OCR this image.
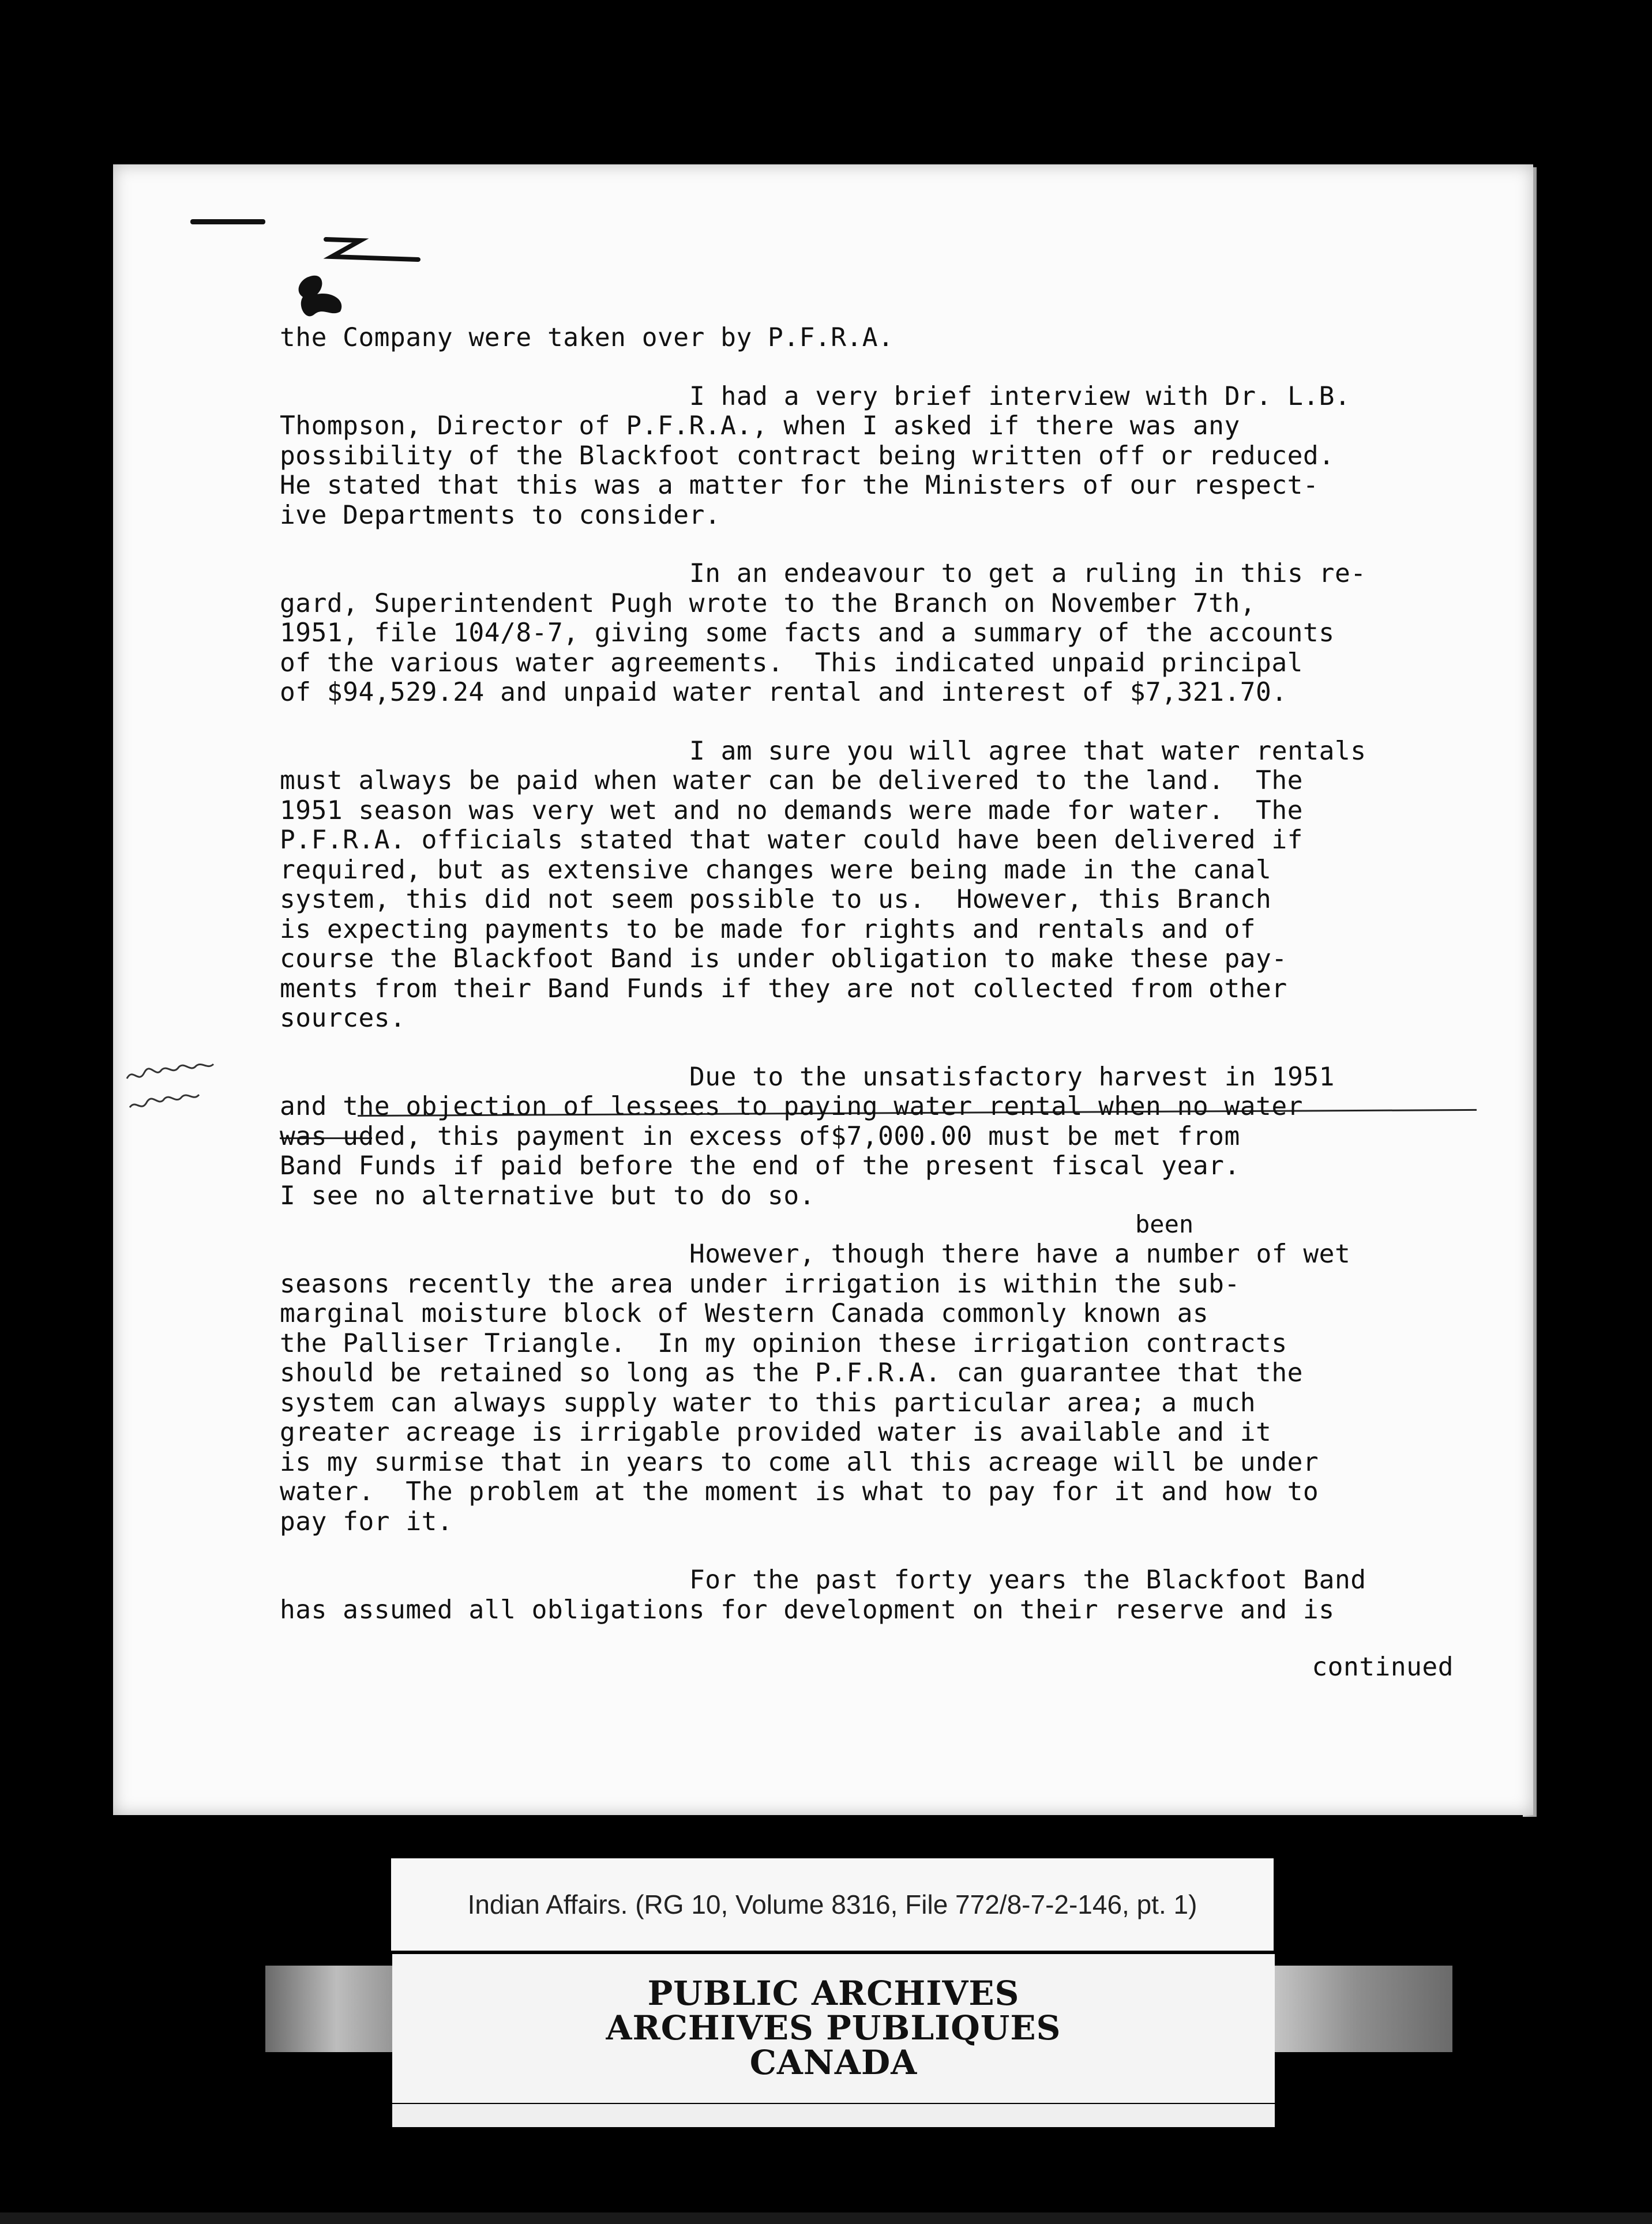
the Company were taken over by P.F.R.A.
I had a very brief interview with Dr. L.B.
Thompson, Director of P.F.R.A., when I asked if there was any
possibility of the Blackfoot contract being written off or reduced.
He stated that this was a matter for the Ministers of our respect-
ive Departments to consider.
In an endeavour to get a ruling in this re-
gard, Superintendent Pugh wrote to the Branch on November 7th,
1951, file 104/8-7, giving some facts and a summary of the accounts
of the various water agreements.  This indicated unpaid principal
of $94,529.24 and unpaid water rental and interest of $7,321.70.
I am sure you will agree that water rentals
must always be paid when water can be delivered to the land.  The
1951 season was very wet and no demands were made for water.  The
P.F.R.A. officials stated that water could have been delivered if
required, but as extensive changes were being made in the canal
system, this did not seem possible to us.  However, this Branch
is expecting payments to be made for rights and rentals and of
course the Blackfoot Band is under obligation to make these pay-
ments from their Band Funds if they are not collected from other
sources.
Due to the unsatisfactory harvest in 1951
and the objection of lessees to paying water rental when no water
was uded, this payment in excess of$7,000.00 must be met from
Band Funds if paid before the end of the present fiscal year.
I see no alternative but to do so.
However, though there have a number of wet
seasons recently the area under irrigation is within the sub-
marginal moisture block of Western Canada commonly known as
the Palliser Triangle.  In my opinion these irrigation contracts
should be retained so long as the P.F.R.A. can guarantee that the
system can always supply water to this particular area; a much
greater acreage is irrigable provided water is available and it
is my surmise that in years to come all this acreage will be under
water.  The problem at the moment is what to pay for it and how to
pay for it.
For the past forty years the Blackfoot Band
has assumed all obligations for development on their reserve and is
continued
been
Indian Affairs. (RG 10, Volume 8316, File 772/8-7-2-146, pt. 1)
PUBLIC ARCHIVES
ARCHIVES PUBLIQUES
CANADA
